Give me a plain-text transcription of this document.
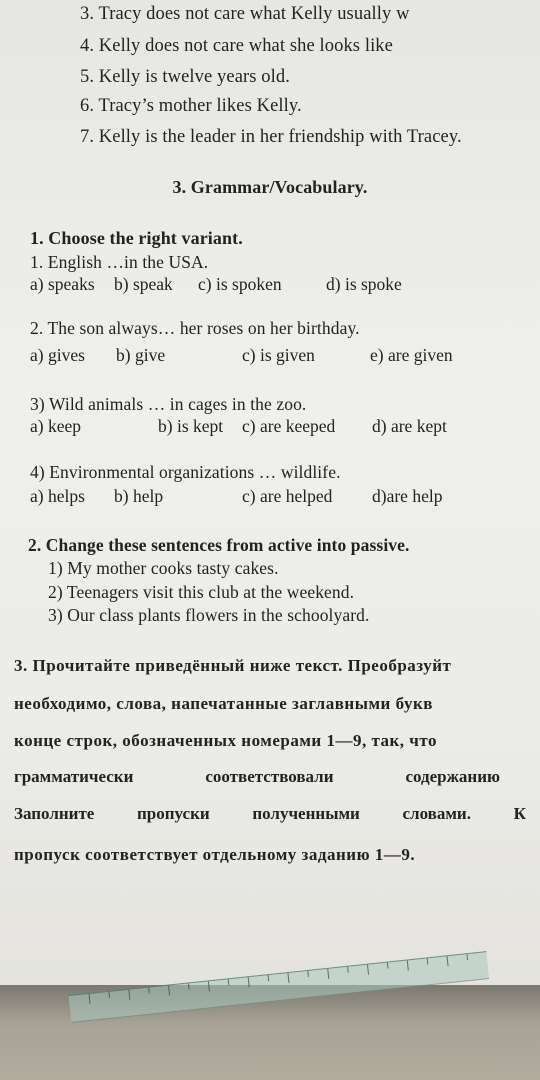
3. Tracy does not care what Kelly usually w
4. Kelly does not care what she looks like
5. Kelly is twelve years old.
6. Tracy’s mother likes Kelly.
7. Kelly is the leader in her friendship with Tracey.
3. Grammar/Vocabulary.
1. Choose the right variant.
1. English …in the USA.
a) speaks b) speak c) is spoken	d) is spoke
2. The son always… her roses on her birthday.
a) gives b) give	c) is given	e) are given
3) Wild animals … in cages in the zoo.
a) keep	b) is kept c) are keeped d) are kept
4) Environmental organizations … wildlife.
a) helps b) help	c) are helped d)are help
2. Change these sentences from active into passive.
1) My mother cooks tasty cakes.
2) Teenagers visit this club at the weekend.
3) Our class plants flowers in the schoolyard.
3. Прочитайте приведённый ниже текст. Преобразуйт
необходимо, слова, напечатанные заглавными букв
конце строк, обозначенных номерами 1—9, так, что
грамматически	соответствовали	содержанию
Заполните	пропуски	полученными	словами.	К
пропуск соответствует отдельному заданию 1—9.
